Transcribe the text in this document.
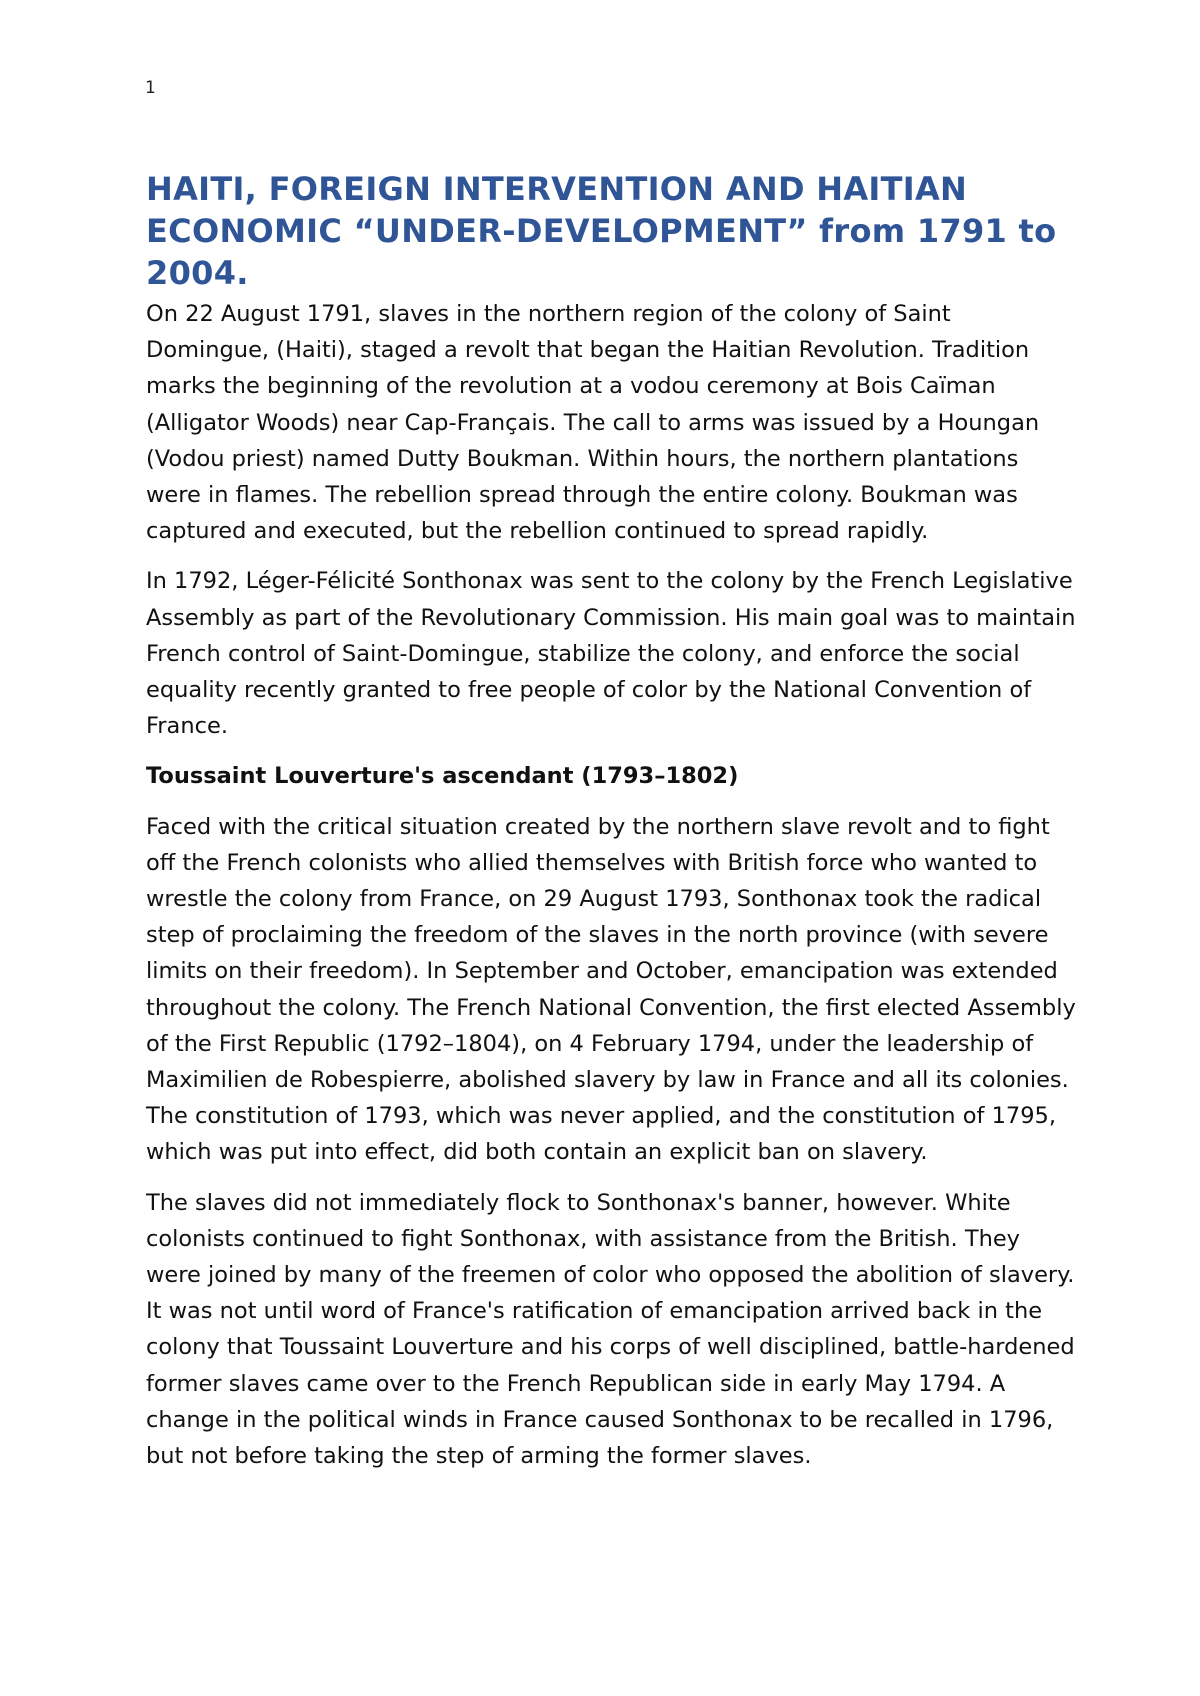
1
HAITI, FOREIGN INTERVENTION AND HAITIAN ECONOMIC “UNDER-DEVELOPMENT” from 1791 to 2004.

On 22 August 1791, slaves in the northern region of the colony of Saint Domingue, (Haiti), staged a revolt that began the Haitian Revolution. Tradition marks the beginning of the revolution at a vodou ceremony at Bois Caïman (Alligator Woods) near Cap-Français. The call to arms was issued by a Houngan (Vodou priest) named Dutty Boukman. Within hours, the northern plantations were in flames. The rebellion spread through the entire colony. Boukman was captured and executed, but the rebellion continued to spread rapidly.

In 1792, Léger-Félicité Sonthonax was sent to the colony by the French Legislative Assembly as part of the Revolutionary Commission. His main goal was to maintain French control of Saint-Domingue, stabilize the colony, and enforce the social equality recently granted to free people of color by the National Convention of France.

Toussaint Louverture's ascendant (1793–1802)

Faced with the critical situation created by the northern slave revolt and to fight off the French colonists who allied themselves with British force who wanted to wrestle the colony from France, on 29 August 1793, Sonthonax took the radical step of proclaiming the freedom of the slaves in the north province (with severe limits on their freedom). In September and October, emancipation was extended throughout the colony. The French National Convention, the first elected Assembly of the First Republic (1792–1804), on 4 February 1794, under the leadership of Maximilien de Robespierre, abolished slavery by law in France and all its colonies. The constitution of 1793, which was never applied, and the constitution of 1795, which was put into effect, did both contain an explicit ban on slavery.

The slaves did not immediately flock to Sonthonax's banner, however. White colonists continued to fight Sonthonax, with assistance from the British. They were joined by many of the freemen of color who opposed the abolition of slavery. It was not until word of France's ratification of emancipation arrived back in the colony that Toussaint Louverture and his corps of well disciplined, battle-hardened former slaves came over to the French Republican side in early May 1794. A change in the political winds in France caused Sonthonax to be recalled in 1796, but not before taking the step of arming the former slaves.
